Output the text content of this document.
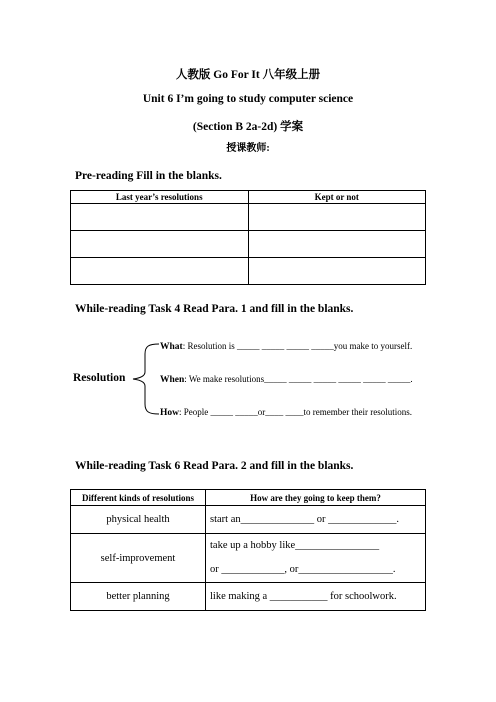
人教版 Go For It 八年级上册
Unit 6 I’m going to study computer science
(Section B 2a-2d) 学案
授课教师:
Pre-reading Fill in the blanks.
Last year’s resolutions	Kept or not

While-reading Task 4 Read Para. 1 and fill in the blanks.
Resolution
What: Resolution is _____ _____ _____ _____you make to yourself.
When: We make resolutions_____ _____ _____ _____ _____ _____.
How: People _____ _____or____ ____to remember their resolutions.
While-reading Task 6 Read Para. 2 and fill in the blanks.
Different kinds of resolutions	How are they going to keep them?
physical health	start an______________ or _____________.
self-improvement	take up a hobby like________________
or ____________, or__________________.

better planning	like making a ___________ for schoolwork.
